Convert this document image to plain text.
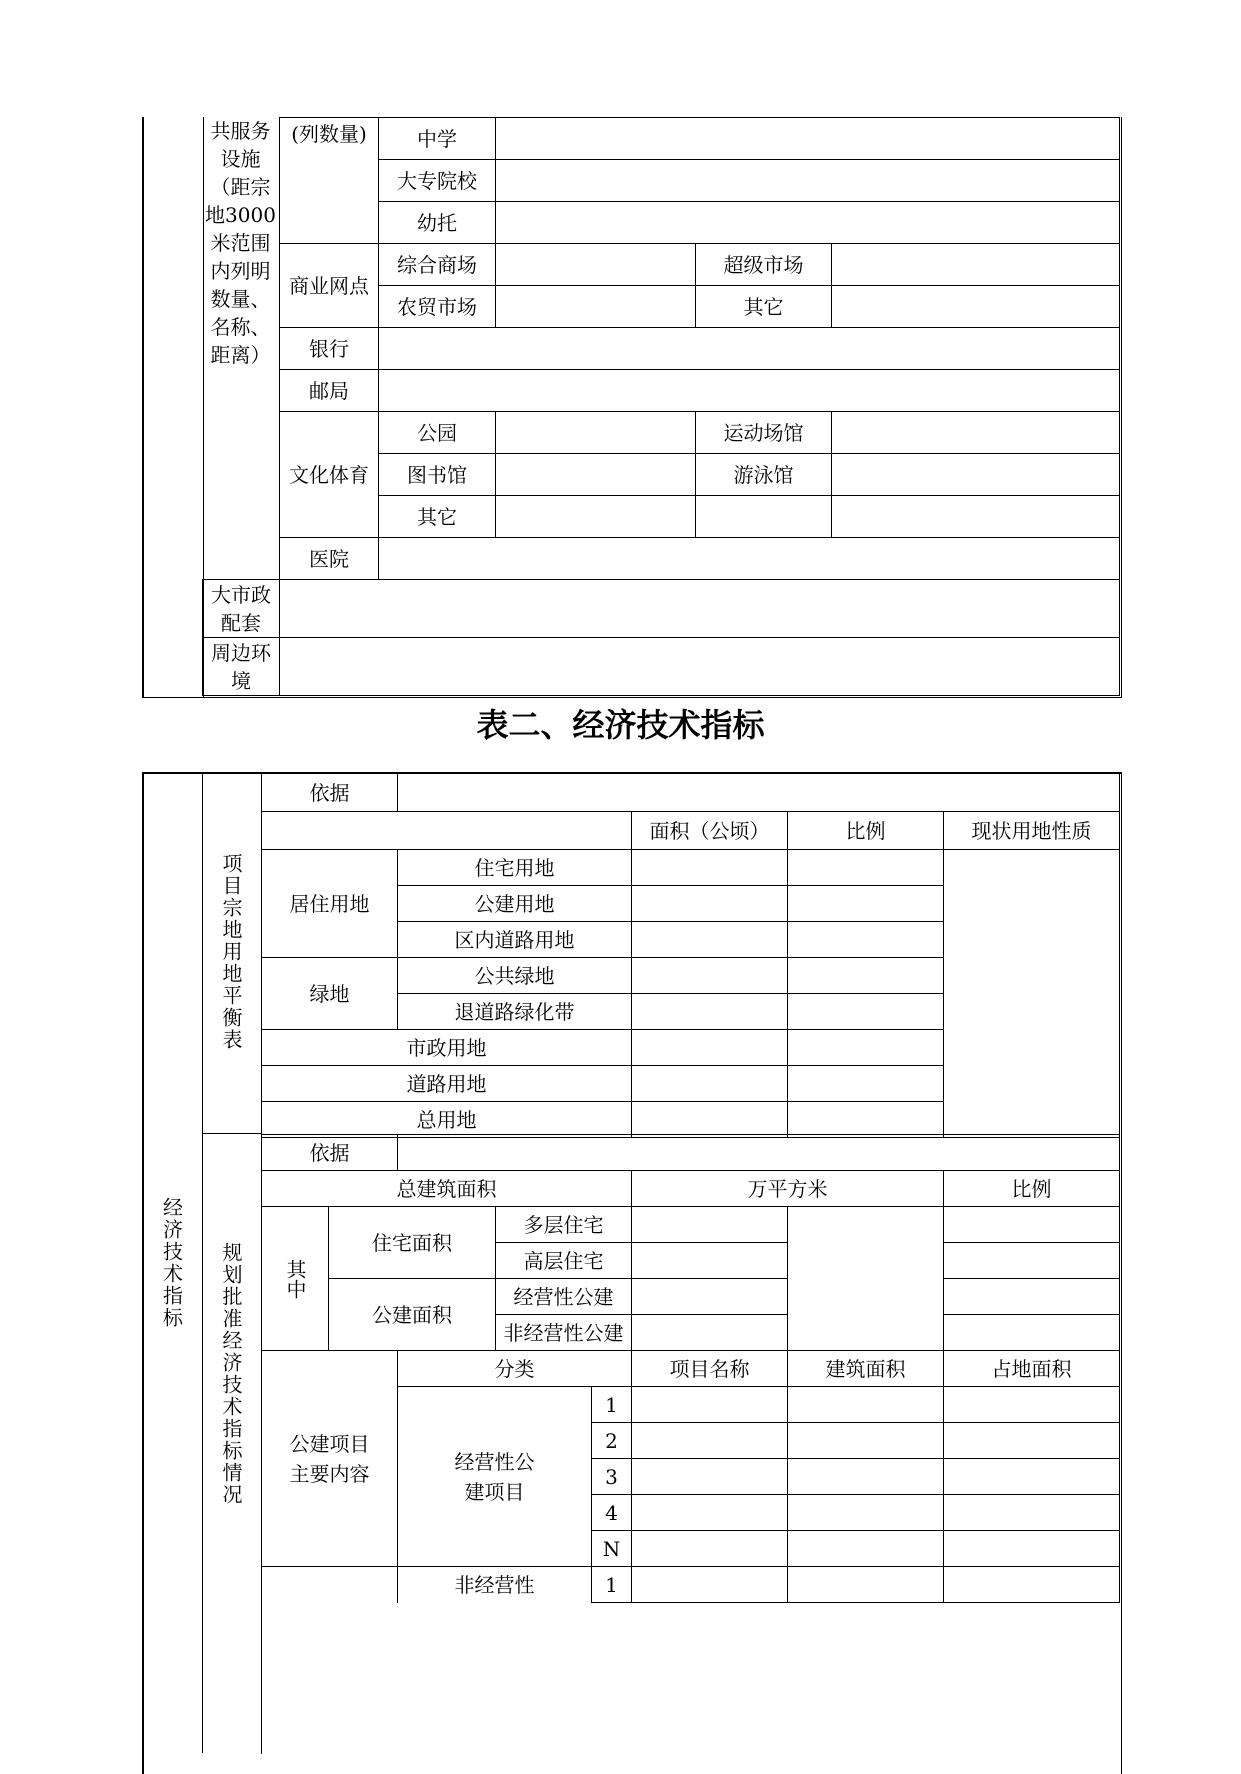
共服务设施（距宗地3000米范围内列明数量、名称、距离）
(列数量)	中学			
	大专院校			
	幼托			
商业网点	综合商场		超级市场	
	农贸市场		其它	
银行				
邮局				
文化体育	公园		运动场馆	
	图书馆		游泳馆	
	其它			
医院				
大市政配套	
周边环境	
表二、经济技术指标
经济技术指标
项目宗地用地平衡表
规划批准经济技术指标情况
依据				
		面积（公顷）	比例	现状用地性质
居住用地	住宅用地			
	公建用地			
	区内道路用地			
绿地	公共绿地			
	退道路绿化带			
市政用地				
道路用地				
总用地				
依据						
总建筑面积				万平方米		比例

其中	住宅面积		多层住宅			
			高层住宅			
	公建面积		经营性公建			
			非经营性公建			
公建项目主要内容	分类		项目名称	建筑面积	占地面积
	经营性公建项目	1			
		2			
		3			
		4			
		N			
	非经营性	1			
